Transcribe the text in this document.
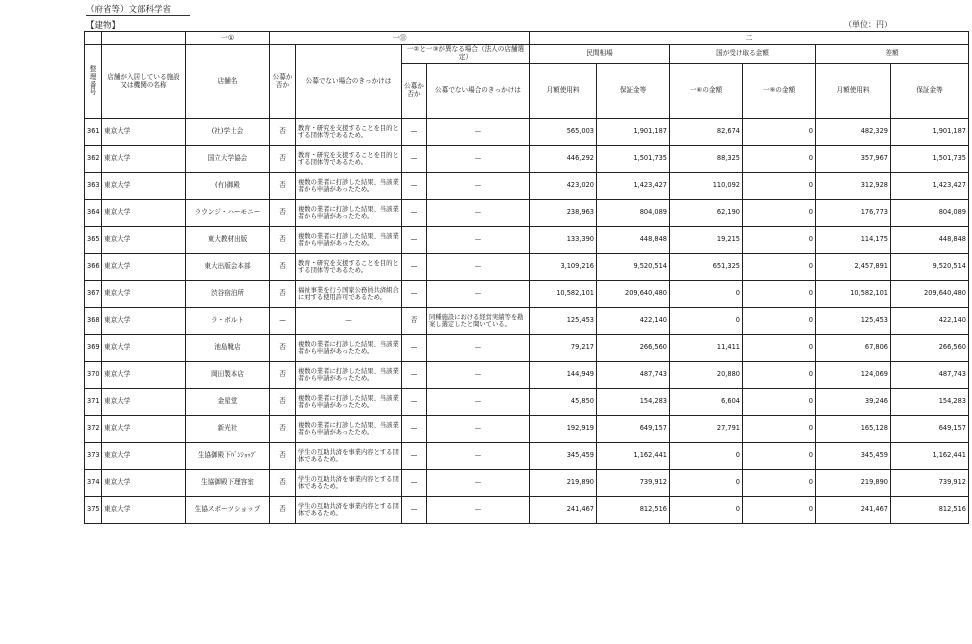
（府省等）文部科学省
【建物】	（単位：円）
		一①	一⑪				二					
整理番号	店舗が入居している施設又は機関の名称	店舗名	公募か否か	公募でない場合のきっかけは	一②と一③が異なる場合（法人の店舗選定）		民間相場		国が受け取る金額		差額	
					公募か否か	公募でない場合のきっかけは	月額使用料	保証金等	一⑥の金額	一⑨の金額	月額使用料	保証金等
361	東京大学	(社)学士会	否	教育・研究を支援することを目的とする団体等であるため。	—	—	565,003	1,901,187	82,674	0	482,329	1,901,187
362	東京大学	国立大学協会	否	教育・研究を支援することを目的とする団体等であるため。	—	—	446,292	1,501,735	88,325	0	357,967	1,501,735
363	東京大学	(有)御殿	否	複数の業者に打診した結果、当該業者から申請があったため。	—	—	423,020	1,423,427	110,092	0	312,928	1,423,427
364	東京大学	ラウンジ・ハーモニー	否	複数の業者に打診した結果、当該業者から申請があったため。	—	—	238,963	804,089	62,190	0	176,773	804,089
365	東京大学	東大教材出版	否	複数の業者に打診した結果、当該業者から申請があったため。	—	—	133,390	448,848	19,215	0	114,175	448,848
366	東京大学	東大出版会本部	否	教育・研究を支援することを目的とする団体等であるため。	—	—	3,109,216	9,520,514	651,325	0	2,457,891	9,520,514
367	東京大学	渋谷宿泊所	否	福祉事業を行う国家公務員共済組合に対する使用許可であるため。	—	—	10,582,101	209,640,480	0	0	10,582,101	209,640,480
368	東京大学	ラ・ボルト	—	—	否	同種施設における経営実績等を勘案し選定したと聞いている。	125,453	422,140	0	0	125,453	422,140
369	東京大学	池島靴店	否	複数の業者に打診した結果、当該業者から申請があったため。	—	—	79,217	266,560	11,411	0	67,806	266,560
370	東京大学	岡田製本店	否	複数の業者に打診した結果、当該業者から申請があったため。	—	—	144,949	487,743	20,880	0	124,069	487,743
371	東京大学	金星堂	否	複数の業者に打診した結果、当該業者から申請があったため。	—	—	45,850	154,283	6,604	0	39,246	154,283
372	東京大学	新光社	否	複数の業者に打診した結果、当該業者から申請があったため。	—	—	192,919	649,157	27,791	0	165,128	649,157
373	東京大学	生協御殿下ﾊﾞﾝｼｮｯﾌﾟ	否	学生の互助共済を事業内容とする団体であるため。	—	—	345,459	1,162,441	0	0	345,459	1,162,441
374	東京大学	生協御殿下理容室	否	学生の互助共済を事業内容とする団体であるため。	—	—	219,890	739,912	0	0	219,890	739,912
375	東京大学	生協スポーツショップ	否	学生の互助共済を事業内容とする団体であるため。	—	—	241,467	812,516	0	0	241,467	812,516
